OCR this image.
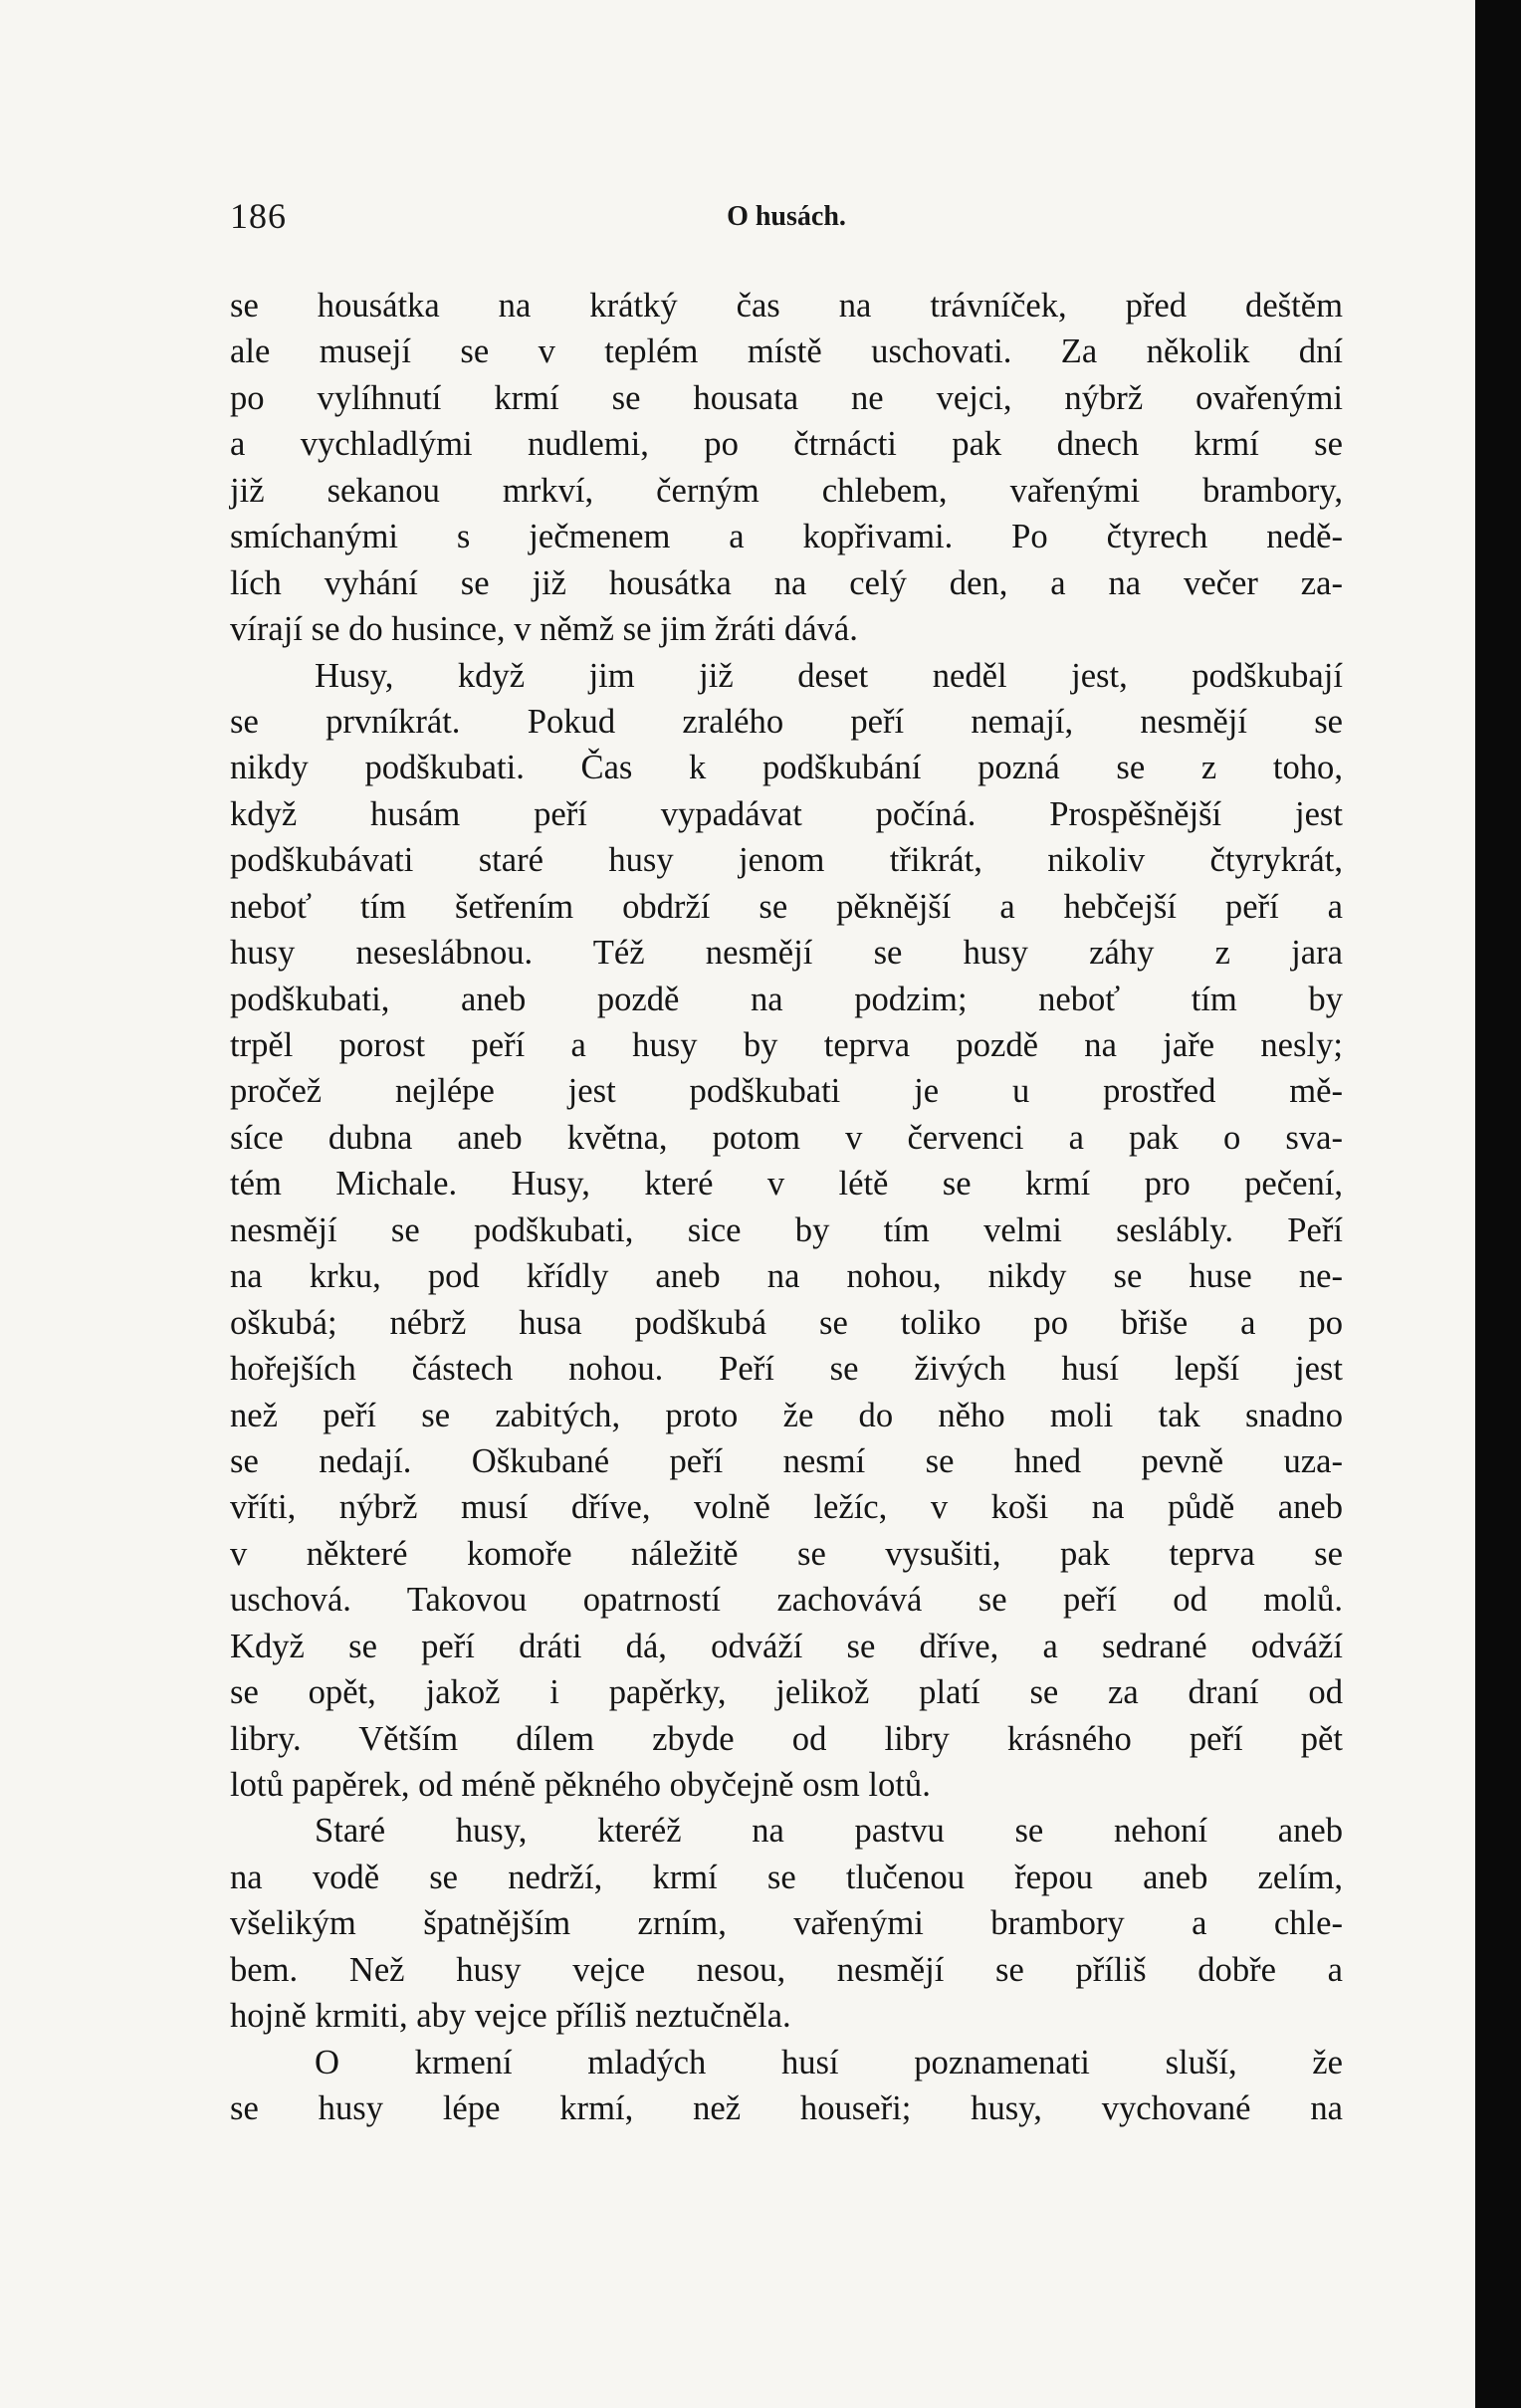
186	O husách.
se housátka na krátký čas na trávníček, před deštěm
ale musejí se v teplém místě uschovati. Za několik dní
po vylíhnutí krmí se housata ne vejci, nýbrž ovařenými
a vychladlými nudlemi, po čtrnácti pak dnech krmí se
již sekanou mrkví, černým chlebem, vařenými brambory,
smíchanými s ječmenem a kopřivami. Po čtyrech nedě-
lích vyhání se již housátka na celý den, a na večer za-
vírají se do husince, v němž se jim žráti dává.
Husy, když jim již deset neděl jest, podškubají
se prvníkrát. Pokud zralého peří nemají, nesmějí se
nikdy podškubati. Čas k podškubání pozná se z toho,
když husám peří vypadávat počíná. Prospěšnější jest
podškubávati staré husy jenom třikrát, nikoliv čtyrykrát,
neboť tím šetřením obdrží se pěknější a hebčejší peří a
husy neseslábnou. Též nesmějí se husy záhy z jara
podškubati, aneb pozdě na podzim; neboť tím by
trpěl porost peří a husy by teprva pozdě na jaře nesly;
pročež nejlépe jest podškubati je u prostřed mě-
síce dubna aneb května, potom v červenci a pak o sva-
tém Michale. Husy, které v létě se krmí pro pečení,
nesmějí se podškubati, sice by tím velmi seslábly. Peří
na krku, pod křídly aneb na nohou, nikdy se huse ne-
oškubá; nébrž husa podškubá se toliko po břiše a po
hořejších částech nohou. Peří se živých husí lepší jest
než peří se zabitých, proto že do něho moli tak snadno
se nedají. Oškubané peří nesmí se hned pevně uza-
vříti, nýbrž musí dříve, volně ležíc, v koši na půdě aneb
v některé komoře náležitě se vysušiti, pak teprva se
uschová. Takovou opatrností zachovává se peří od molů.
Když se peří dráti dá, odváží se dříve, a sedrané odváží
se opět, jakož i papěrky, jelikož platí se za draní od
libry. Větším dílem zbyde od libry krásného peří pět
lotů papěrek, od méně pěkného obyčejně osm lotů.
Staré husy, kteréž na pastvu se nehoní aneb
na vodě se nedrží, krmí se tlučenou řepou aneb zelím,
všelikým špatnějším zrním, vařenými brambory a chle-
bem. Než husy vejce nesou, nesmějí se příliš dobře a
hojně krmiti, aby vejce příliš neztučněla.
O krmení mladých husí poznamenati sluší, že
se husy lépe krmí, než houseři; husy, vychované na
